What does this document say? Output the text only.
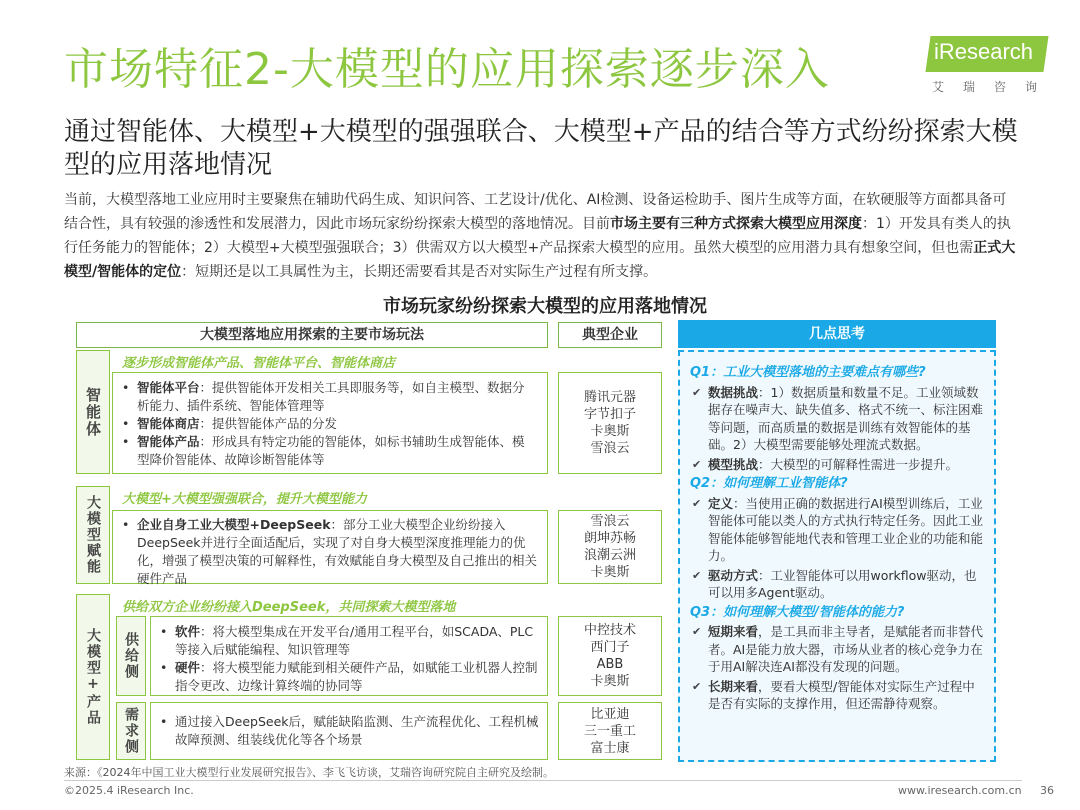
市场特征2-大模型的应用探索逐步深入	iResearch
艾瑞咨询
通过智能体、大模型+大模型的强强联合、大模型+产品的结合等方式纷纷探索大模型的应用落地情况
当前，大模型落地工业应用时主要聚焦在辅助代码生成、知识问答、工艺设计/优化、AI检测、设备运检助手、图片生成等方面，在软硬服等方面都具备可结合性，具有较强的渗透性和发展潜力，因此市场玩家纷纷探索大模型的落地情况。目前市场主要有三种方式探索大模型应用深度：1）开发具有类人的执行任务能力的智能体；2）大模型+大模型强强联合；3）供需双方以大模型+产品探索大模型的应用。虽然大模型的应用潜力具有想象空间，但也需正式大模型/智能体的定位：短期还是以工具属性为主，长期还需要看其是否对实际生产过程有所支撑。
市场玩家纷纷探索大模型的应用落地情况
大模型落地应用探索的主要市场玩法	典型企业	几点思考
智能体
逐步形成智能体产品、智能体平台、智能体商店
• 智能体平台：提供智能体开发相关工具即服务等，如自主模型、数据分析能力、插件系统、智能体管理等
• 智能体商店：提供智能体产品的分发
• 智能体产品：形成具有特定功能的智能体，如标书辅助生成智能体、模型降价智能体、故障诊断智能体等
腾讯元器
字节扣子
卡奥斯
雪浪云
大模型赋能	大模型+大模型强强联合，提升大模型能力
• 企业自身工业大模型+DeepSeek：部分工业大模型企业纷纷接入DeepSeek并进行全面适配后，实现了对自身大模型深度推理能力的优化，增强了模型决策的可解释性，有效赋能自身大模型及自己推出的相关硬件产品
雪浪云
朗坤苏畅
浪潮云洲
卡奥斯
大模型+产品
供给双方企业纷纷接入DeepSeek，共同探索大模型落地
供给侧
• 软件：将大模型集成在开发平台/通用工程平台，如SCADA、PLC等接入后赋能编程、知识管理等
• 硬件：将大模型能力赋能到相关硬件产品，如赋能工业机器人控制指令更改、边缘计算终端的协同等
中控技术
西门子
ABB
卡奥斯
需求侧
•	通过接入DeepSeek后，赋能缺陷监测、生产流程优化、工程机械故障预测、组装线优化等各个场景
比亚迪
三一重工
富士康
Q1：工业大模型落地的主要难点有哪些?
✔ 数据挑战：1）数据质量和数量不足。工业领域数据存在噪声大、缺失值多、格式不统一、标注困难等问题，而高质量的数据是训练有效智能体的基础。2）大模型需要能够处理流式数据。
✔ 模型挑战：大模型的可解释性需进一步提升。
Q2：如何理解工业智能体?
✔ 定义：当使用正确的数据进行AI模型训练后，工业智能体可能以类人的方式执行特定任务。因此工业智能体能够智能地代表和管理工业企业的功能和能力。
✔ 驱动方式：工业智能体可以用workflow驱动，也可以用多Agent驱动。
Q3：如何理解大模型/智能体的能力?
✔ 短期来看，是工具而非主导者，是赋能者而非替代者。AI是能力放大器，市场从业者的核心竞争力在于用AI解决连AI都没有发现的问题。
✔ 长期来看，要看大模型/智能体对实际生产过程中是否有实际的支撑作用，但还需静待观察。
来源：《2024年中国工业大模型行业发展研究报告》、李飞飞访谈，艾瑞咨询研究院自主研究及绘制。
©2025.4 iResearch Inc.	www.iresearch.com.cn 36
